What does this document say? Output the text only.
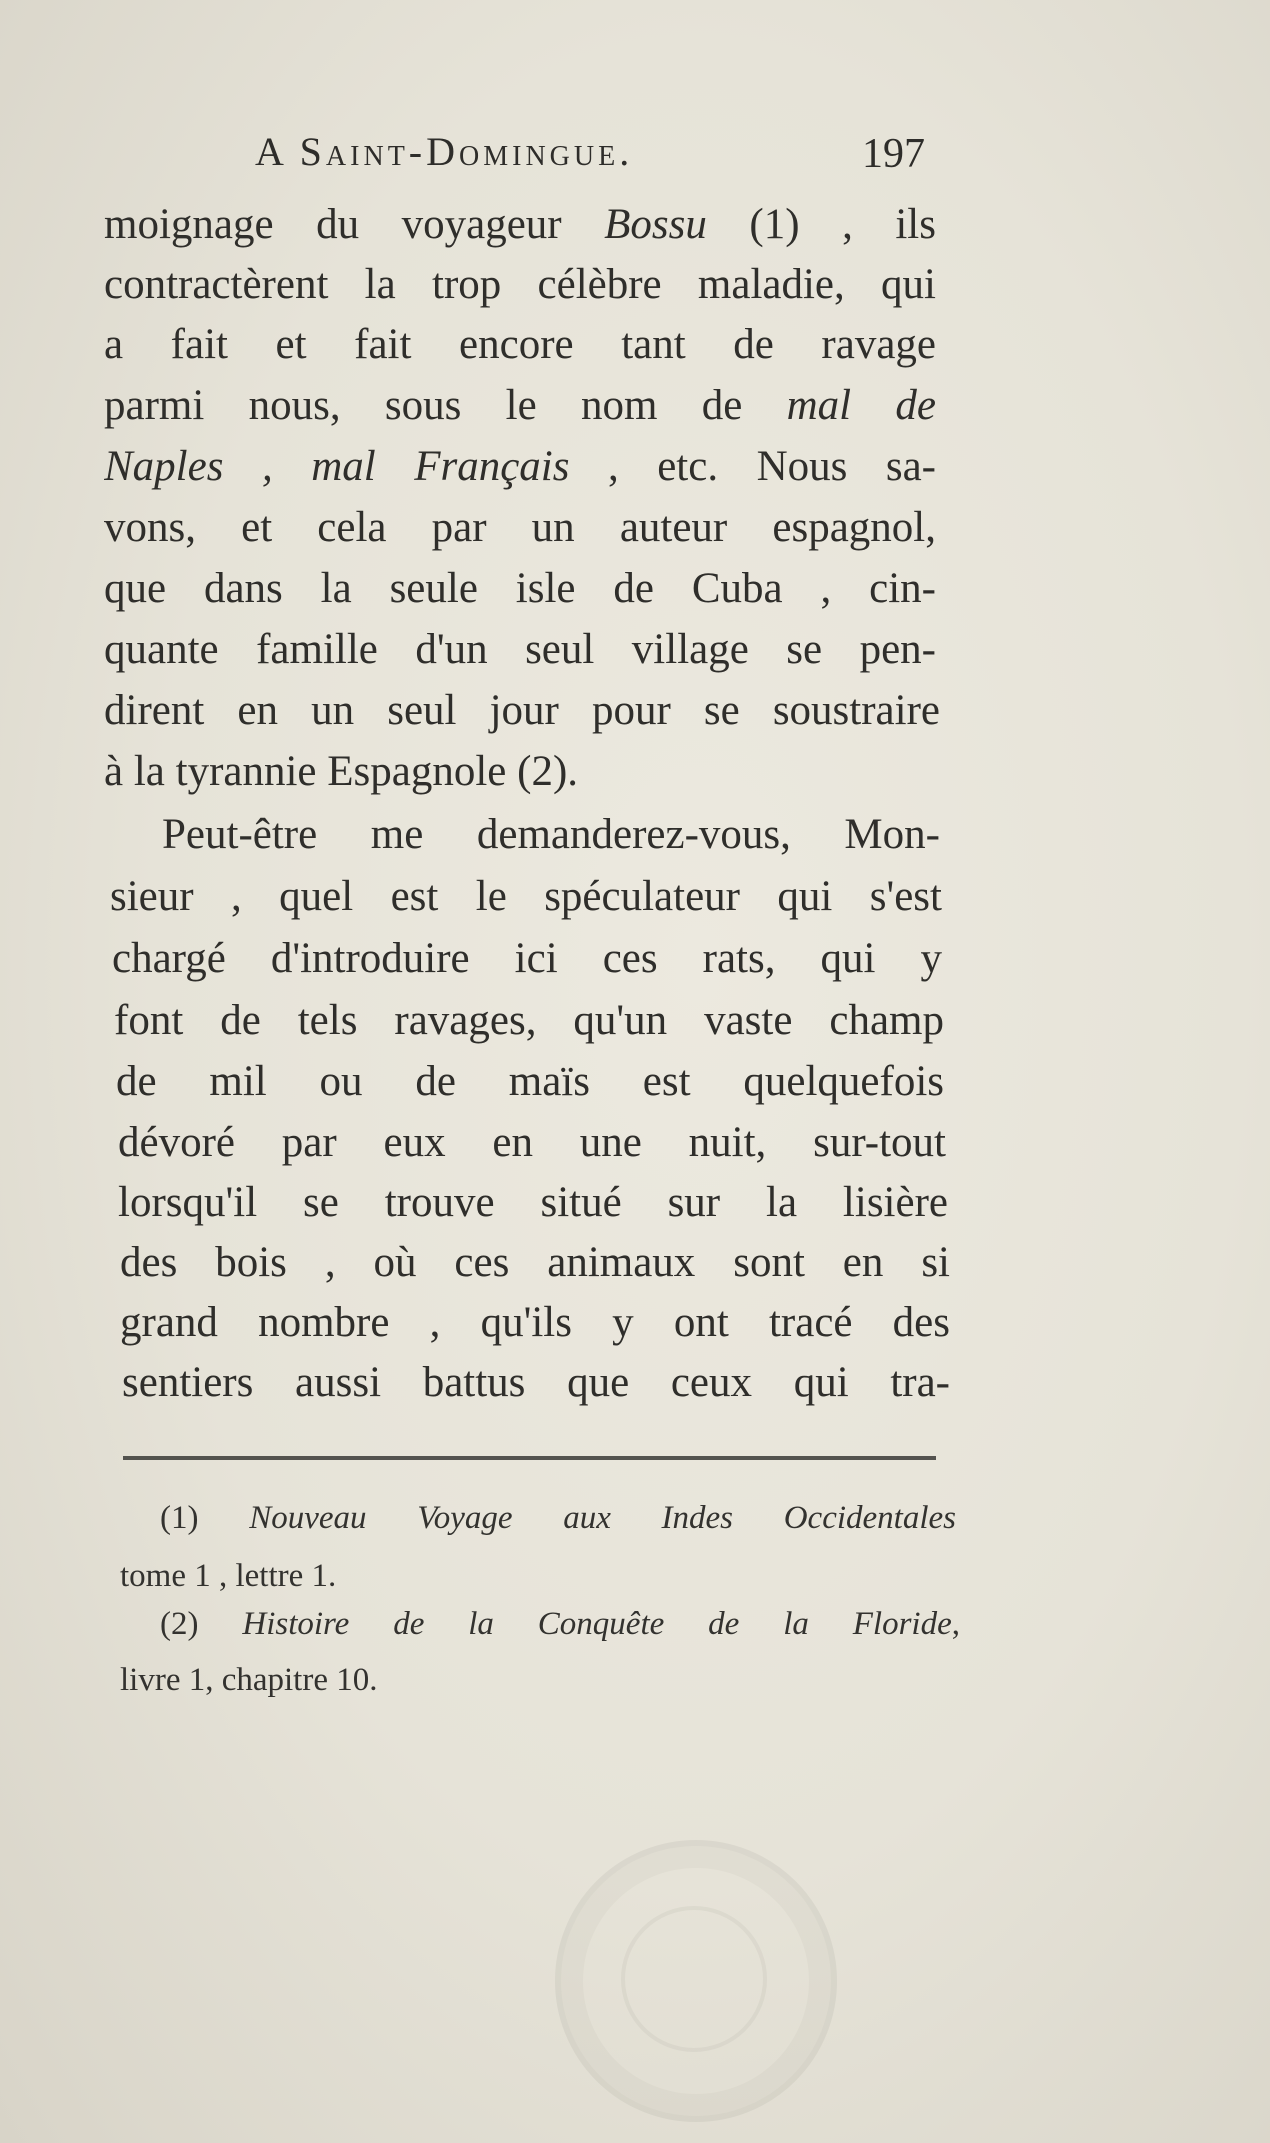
A Saint-Domingue.	197
moignage du voyageur Bossu (1) , ils
contractèrent la trop célèbre maladie, qui
a fait et fait encore tant de ravage
parmi nous, sous le nom de mal de
Naples , mal Français , etc. Nous sa-
vons, et cela par un auteur espagnol,
que dans la seule isle de Cuba , cin-
quante famille d'un seul village se pen-
dirent en un seul jour pour se soustraire
à la tyrannie Espagnole (2).
Peut-être me demanderez-vous, Mon-
sieur , quel est le spéculateur qui s'est
chargé d'introduire ici ces rats, qui y
font de tels ravages, qu'un vaste champ
de mil ou de maïs est quelquefois
dévoré par eux en une nuit, sur-tout
lorsqu'il se trouve situé sur la lisière
des bois , où ces animaux sont en si
grand nombre , qu'ils y ont tracé des
sentiers aussi battus que ceux qui tra-
(1) Nouveau Voyage aux Indes Occidentales
tome 1 , lettre 1.
(2) Histoire de la Conquête de la Floride,
livre 1, chapitre 10.
